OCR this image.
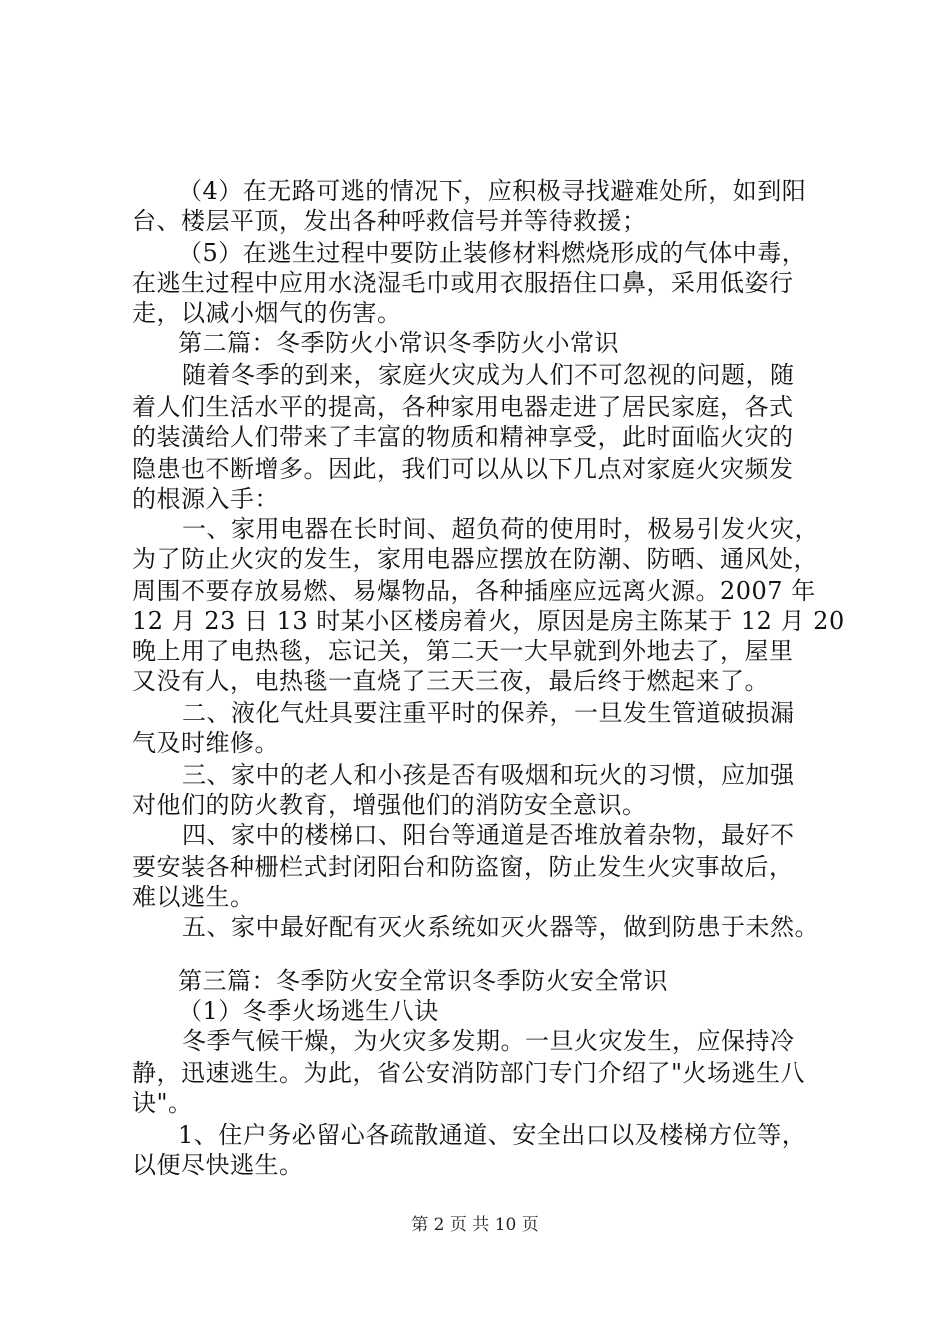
（4）在无路可逃的情况下，应积极寻找避难处所，如到阳
台、楼层平顶，发出各种呼救信号并等待救援；
（5）在逃生过程中要防止装修材料燃烧形成的气体中毒，
在逃生过程中应用水浇湿毛巾或用衣服捂住口鼻，采用低姿行
走，以减小烟气的伤害。
第二篇：冬季防火小常识冬季防火小常识
随着冬季的到来，家庭火灾成为人们不可忽视的问题，随
着人们生活水平的提高，各种家用电器走进了居民家庭，各式
的装潢给人们带来了丰富的物质和精神享受，此时面临火灾的
隐患也不断增多。因此，我们可以从以下几点对家庭火灾频发
的根源入手：
一、家用电器在长时间、超负荷的使用时，极易引发火灾，
为了防止火灾的发生，家用电器应摆放在防潮、防晒、通风处，
周围不要存放易燃、易爆物品，各种插座应远离火源。2007 年
12 月 23 日 13 时某小区楼房着火，原因是房主陈某于 12 月 20
晚上用了电热毯，忘记关，第二天一大早就到外地去了，屋里
又没有人，电热毯一直烧了三天三夜，最后终于燃起来了。
二、液化气灶具要注重平时的保养，一旦发生管道破损漏
气及时维修。
三、家中的老人和小孩是否有吸烟和玩火的习惯，应加强
对他们的防火教育，增强他们的消防安全意识。
四、家中的楼梯口、阳台等通道是否堆放着杂物，最好不
要安装各种栅栏式封闭阳台和防盗窗，防止发生火灾事故后，
难以逃生。
五、家中最好配有灭火系统如灭火器等，做到防患于未然。
第三篇：冬季防火安全常识冬季防火安全常识
（1）冬季火场逃生八诀
冬季气候干燥，为火灾多发期。一旦火灾发生，应保持冷
静，迅速逃生。为此，省公安消防部门专门介绍了"火场逃生八
诀"。
1、住户务必留心各疏散通道、安全出口以及楼梯方位等，
以便尽快逃生。
第 2 页 共 10 页
